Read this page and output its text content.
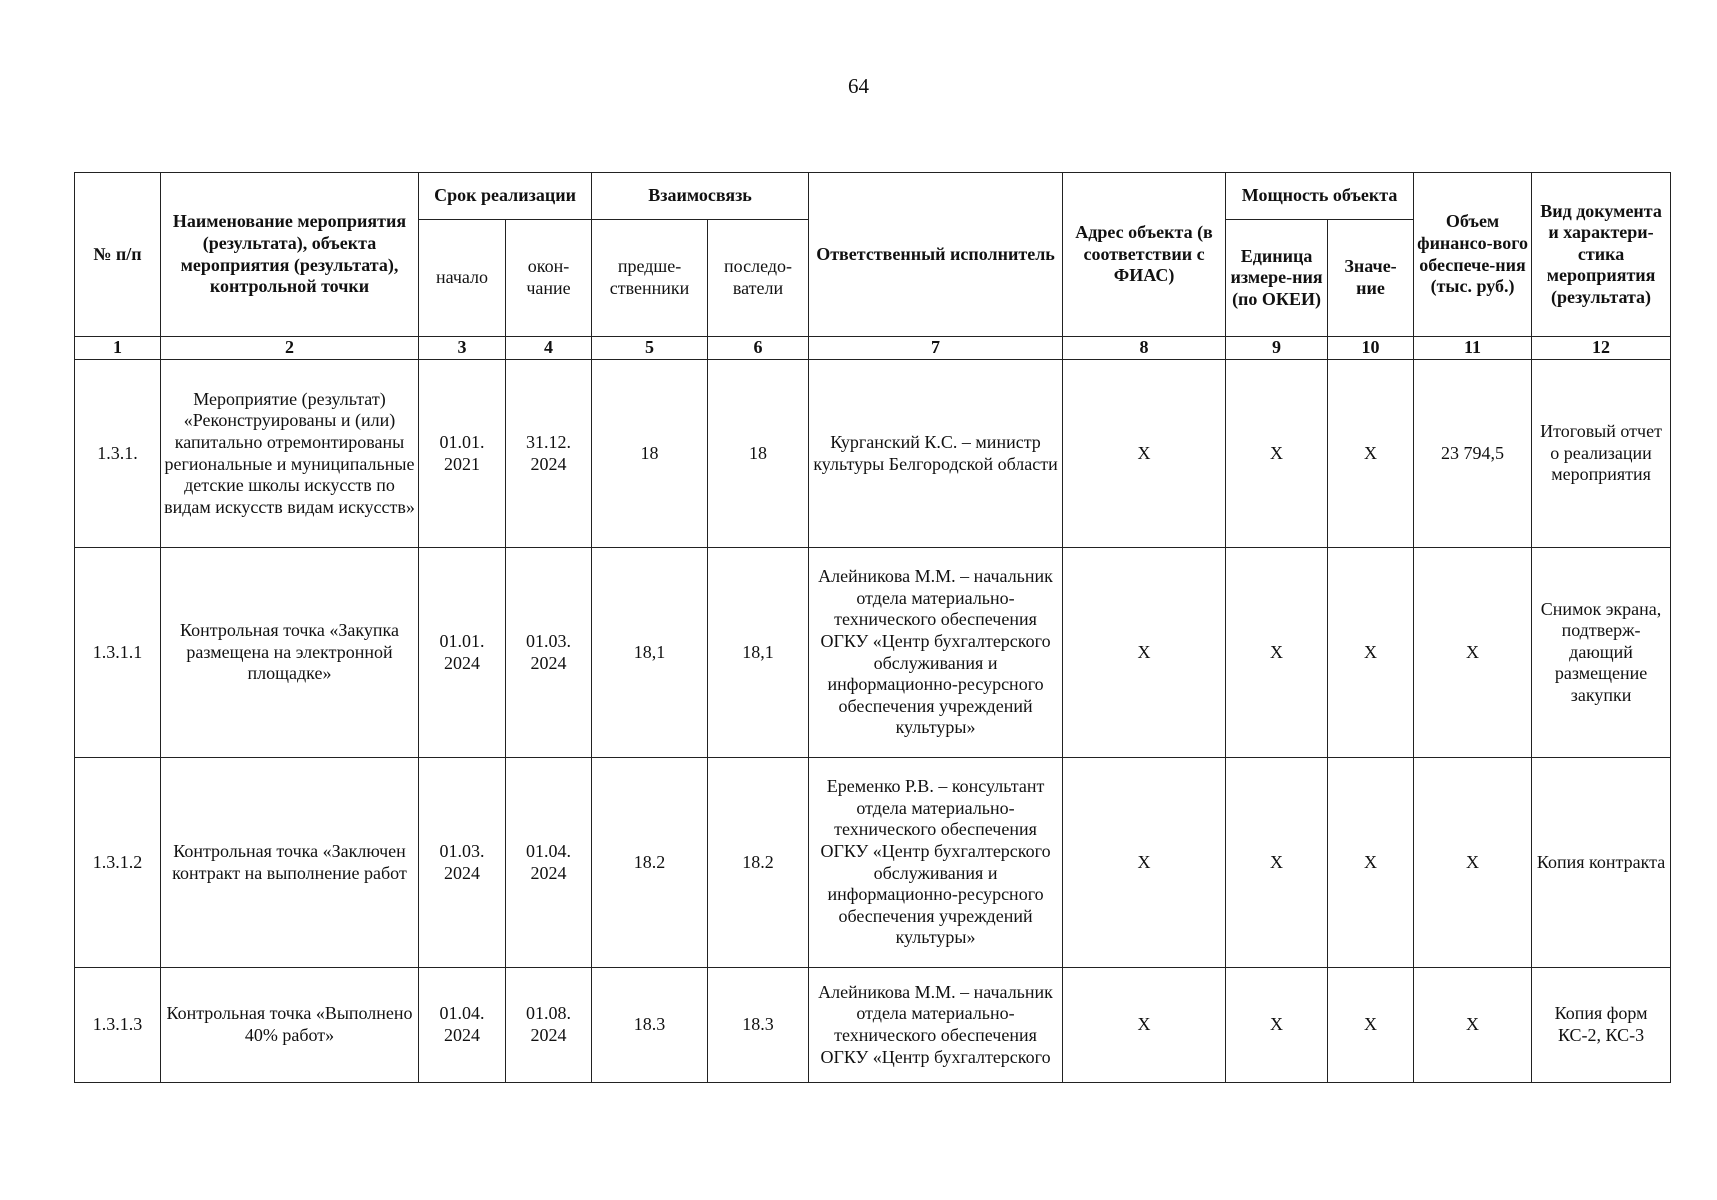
64
№ п/п	Наименование мероприятия (результата), объекта мероприятия (результата), контрольной точки	Срок реализации		Взаимосвязь		Ответственный исполнитель	Адрес объекта (в соответствии с ФИАС)	Мощность объекта		Объем финансо-вого обеспече-ния (тыс. руб.)	Вид документа и характери-стика мероприятия (результата)
		начало	окон-чание	предше-ственники	последо-ватели			Единица измере-ния (по ОКЕИ)	Значе-ние		
1	2	3	4	5	6	7	8	9	10	11	12
1.3.1.	Мероприятие (результат) «Реконструированы и (или) капитально отремонтированы региональные и муниципальные детские школы искусств по видам искусств видам искусств»	01.01. 2021	31.12. 2024	18	18	Курганский К.С. – министр культуры Белгородской области	Х	Х	Х	23 794,5	Итоговый отчет о реализации мероприятия
1.3.1.1	Контрольная точка «Закупка размещена на электронной площадке»	01.01. 2024	01.03. 2024	18,1	18,1	Алейникова М.М. – начальник отдела материально-технического обеспечения ОГКУ «Центр бухгалтерского обслуживания и информационно-ресурсного обеспечения учреждений культуры»	Х	Х	Х	Х	Снимок экрана, подтверж-дающий размещение закупки
1.3.1.2	Контрольная точка «Заключен контракт на выполнение работ	01.03. 2024	01.04. 2024	18.2	18.2	Еременко Р.В. – консультант отдела материально-технического обеспечения ОГКУ «Центр бухгалтерского обслуживания и информационно-ресурсного обеспечения учреждений культуры»	Х	Х	Х	Х	Копия контракта
1.3.1.3	Контрольная точка «Выполнено 40% работ»	01.04. 2024	01.08. 2024	18.3	18.3	Алейникова М.М. – начальник отдела материально-технического обеспечения ОГКУ «Центр бухгалтерского	Х	Х	Х	Х	Копия форм КС-2, КС-3
